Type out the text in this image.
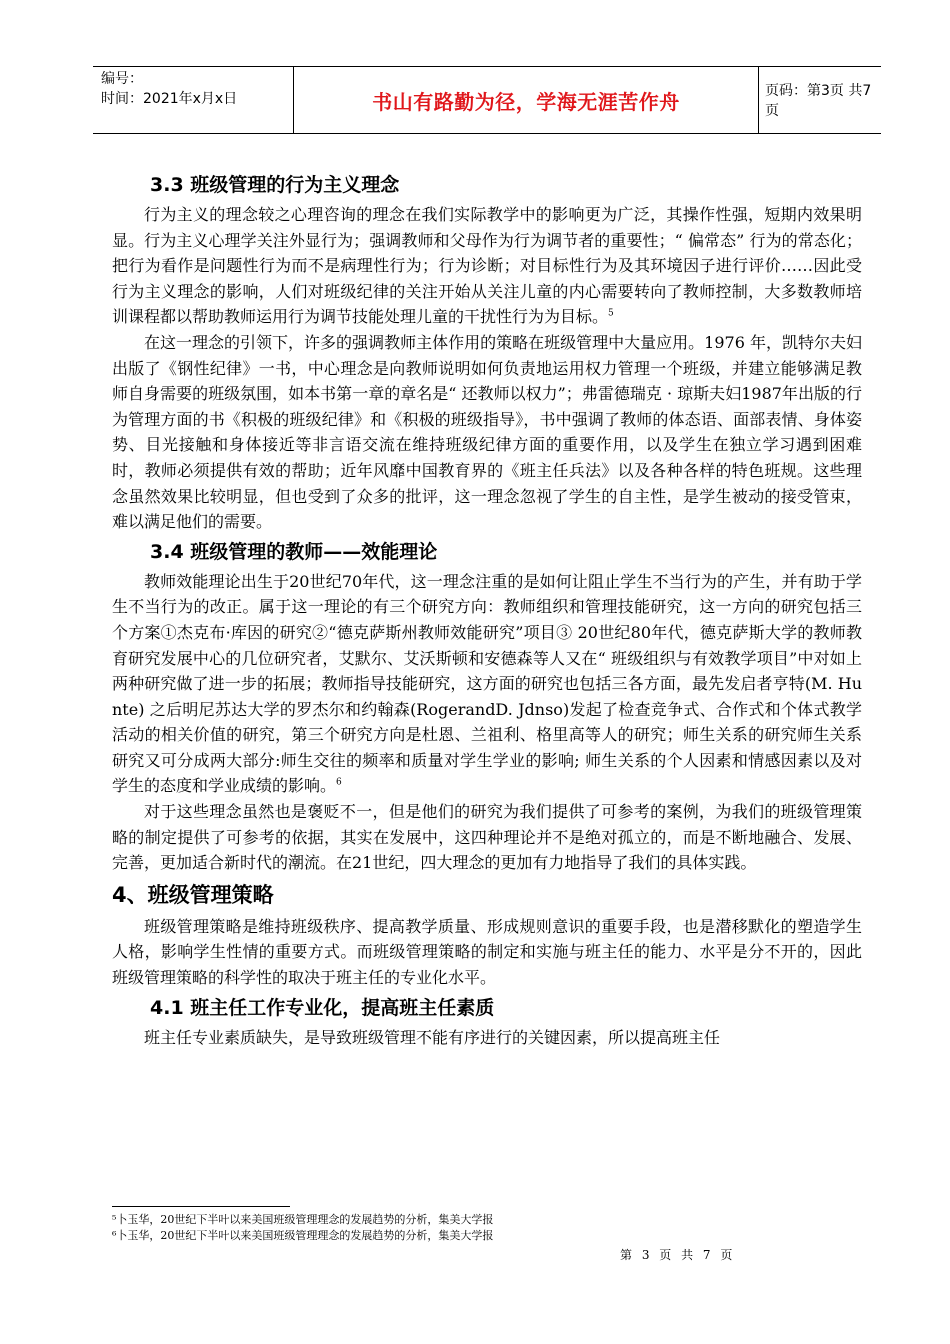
编号：
时间：2021年x月x日	书山有路勤为径，学海无涯苦作舟	页码：第3页 共7页
3.3 班级管理的行为主义理念

行为主义的理念较之心理咨询的理念在我们实际教学中的影响更为广泛，其操作性强，短期内效果明显。行为主义心理学关注外显行为；强调教师和父母作为行为调节者的重要性；“ 偏常态” 行为的常态化；把行为看作是问题性行为而不是病理性行为；行为诊断；对目标性行为及其环境因子进行评价……因此受行为主义理念的影响，人们对班级纪律的关注开始从关注儿童的内心需要转向了教师控制，大多数教师培训课程都以帮助教师运用行为调节技能处理儿童的干扰性行为为目标。$^5$

在这一理念的引领下，许多的强调教师主体作用的策略在班级管理中大量应用。1976 年，凯特尔夫妇出版了《钢性纪律》一书，中心理念是向教师说明如何负责地运用权力管理一个班级，并建立能够满足教师自身需要的班级氛围，如本书第一章的章名是“ 还教师以权力”；弗雷德瑞克 · 琼斯夫妇1987年出版的行为管理方面的书《积极的班级纪律》和《积极的班级指导》，书中强调了教师的体态语、面部表情、身体姿势、目光接触和身体接近等非言语交流在维持班级纪律方面的重要作用，以及学生在独立学习遇到困难时，教师必须提供有效的帮助；近年风靡中国教育界的《班主任兵法》以及各种各样的特色班规。这些理念虽然效果比较明显，但也受到了众多的批评，这一理念忽视了学生的自主性，是学生被动的接受管束，难以满足他们的需要。

3.4 班级管理的教师——效能理论

教师效能理论出生于20世纪70年代，这一理念注重的是如何让阻止学生不当行为的产生，并有助于学生不当行为的改正。属于这一理论的有三个研究方向：教师组织和管理技能研究，这一方向的研究包括三个方案①杰克布·库因的研究②“德克萨斯州教师效能研究”项目③ 20世纪80年代，德克萨斯大学的教师教育研究发展中心的几位研究者，艾默尔、艾沃斯顿和安德森等人又在“ 班级组织与有效教学项目”中对如上两种研究做了进一步的拓展；教师指导技能研究，这方面的研究也包括三各方面，最先发启者亨特(M. Hu nte) 之后明尼苏达大学的罗杰尔和约翰森(RogerandD. Jdnso)发起了检查竞争式、合作式和个体式教学活动的相关价值的研究，第三个研究方向是杜恩、兰祖利、格里高等人的研究；师生关系的研究师生关系研究又可分成两大部分:师生交往的频率和质量对学生学业的影响; 师生关系的个人因素和情感因素以及对学生的态度和学业成绩的影响。$^6$

对于这些理念虽然也是褒贬不一，但是他们的研究为我们提供了可参考的案例，为我们的班级管理策略的制定提供了可参考的依据，其实在发展中，这四种理论并不是绝对孤立的，而是不断地融合、发展、完善，更加适合新时代的潮流。在21世纪，四大理念的更加有力地指导了我们的具体实践。

4、班级管理策略

班级管理策略是维持班级秩序、提高教学质量、形成规则意识的重要手段，也是潜移默化的塑造学生人格，影响学生性情的重要方式。而班级管理策略的制定和实施与班主任的能力、水平是分不开的，因此班级管理策略的科学性的取决于班主任的专业化水平。

4.1 班主任工作专业化，提高班主任素质

班主任专业素质缺失，是导致班级管理不能有序进行的关键因素，所以提高班主任

⁵卜玉华，20世纪下半叶以来美国班级管理理念的发展趋势的分析，集美大学报
⁶卜玉华，20世纪下半叶以来美国班级管理理念的发展趋势的分析，集美大学报
第 3 页 共 7 页
